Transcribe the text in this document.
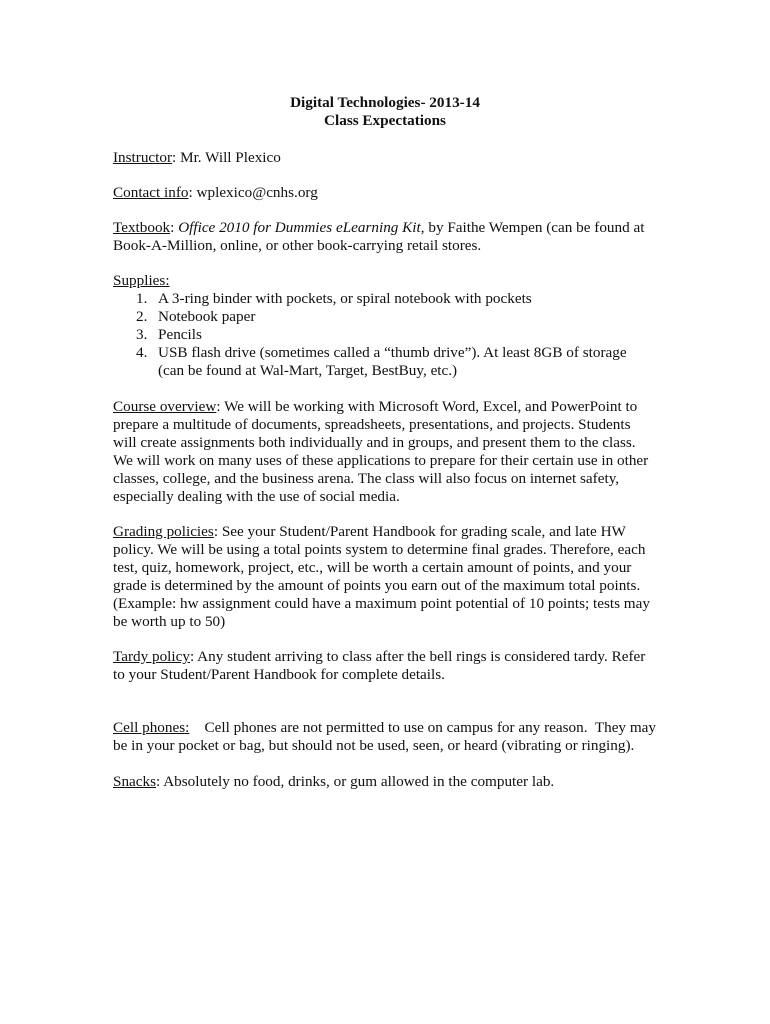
Digital Technologies- 2013-14
Class Expectations
Instructor: Mr. Will Plexico
Contact info: wplexico@cnhs.org
Textbook: Office 2010 for Dummies eLearning Kit, by Faithe Wempen (can be found at
Book-A-Million, online, or other book-carrying retail stores.
Supplies:
1. A 3-ring binder with pockets, or spiral notebook with pockets
2. Notebook paper
3. Pencils
4. USB flash drive (sometimes called a “thumb drive”). At least 8GB of storage
(can be found at Wal-Mart, Target, BestBuy, etc.)
Course overview: We will be working with Microsoft Word, Excel, and PowerPoint to
prepare a multitude of documents, spreadsheets, presentations, and projects. Students
will create assignments both individually and in groups, and present them to the class.
We will work on many uses of these applications to prepare for their certain use in other
classes, college, and the business arena. The class will also focus on internet safety,
especially dealing with the use of social media.
Grading policies: See your Student/Parent Handbook for grading scale, and late HW
policy. We will be using a total points system to determine final grades. Therefore, each
test, quiz, homework, project, etc., will be worth a certain amount of points, and your
grade is determined by the amount of points you earn out of the maximum total points.
(Example: hw assignment could have a maximum point potential of 10 points; tests may
be worth up to 50)
Tardy policy: Any student arriving to class after the bell rings is considered tardy. Refer
to your Student/Parent Handbook for complete details.
Cell phones:    Cell phones are not permitted to use on campus for any reason.  They may
be in your pocket or bag, but should not be used, seen, or heard (vibrating or ringing).
Snacks: Absolutely no food, drinks, or gum allowed in the computer lab.
